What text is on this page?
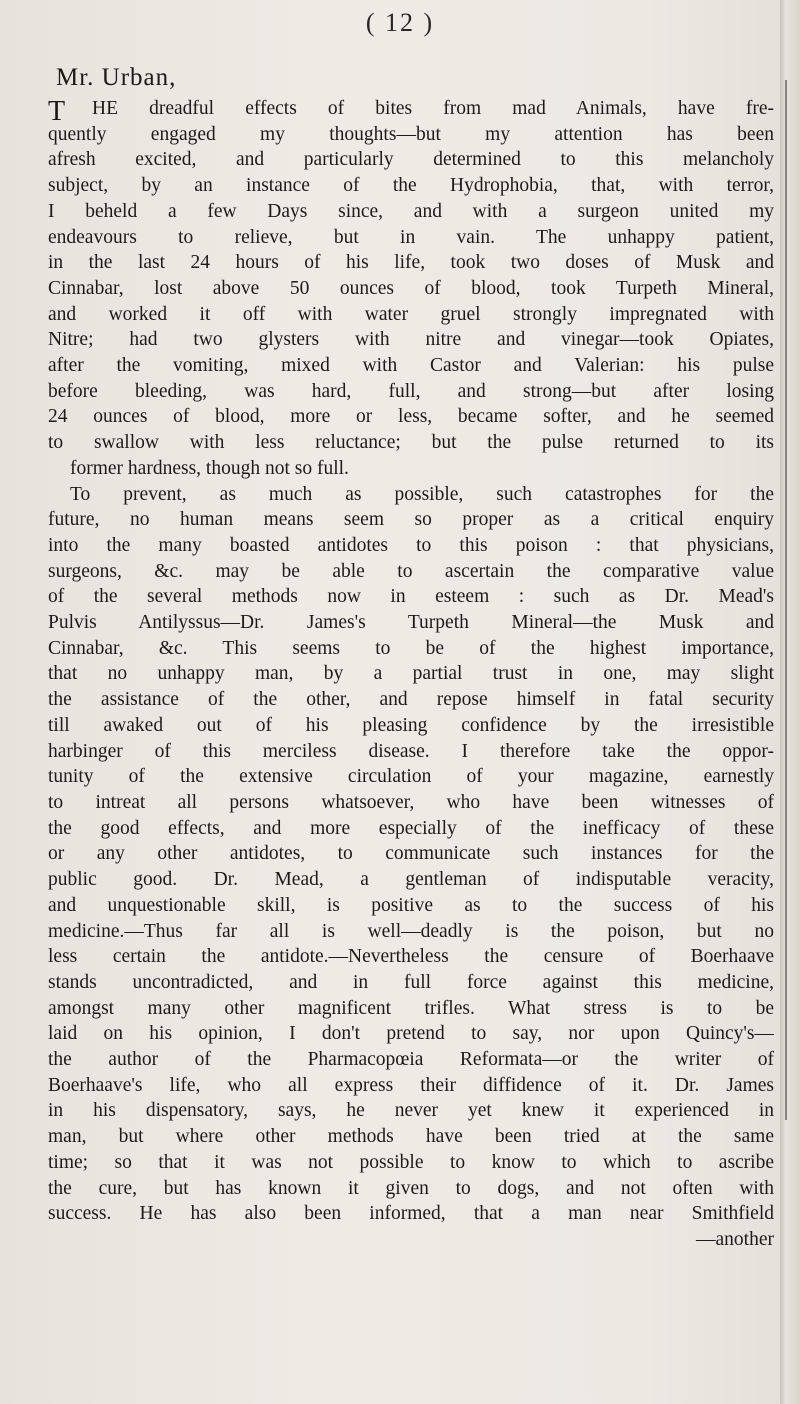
( 12 )
Mr. Urban,
T	HE dreadful effects of bites from mad Animals, have fre-
quently engaged my thoughts—but my attention has been
afresh excited, and particularly determined to this melancholy
subject, by an instance of the Hydrophobia, that, with terror,
I beheld a few Days since, and with a surgeon united my
endeavours to relieve, but in vain. The unhappy patient,
in the last 24 hours of his life, took two doses of Musk and
Cinnabar, lost above 50 ounces of blood, took Turpeth Mineral,
and worked it off with water gruel strongly impregnated with
Nitre; had two glysters with nitre and vinegar—took Opiates,
after the vomiting, mixed with Castor and Valerian: his pulse
before bleeding, was hard, full, and strong—but after losing
24 ounces of blood, more or less, became softer, and he seemed
to swallow with less reluctance; but the pulse returned to its
former hardness, though not so full.
To prevent, as much as possible, such catastrophes for the
future, no human means seem so proper as a critical enquiry
into the many boasted antidotes to this poison : that physicians,
surgeons, &c. may be able to ascertain the comparative value
of the several methods now in esteem : such as Dr. Mead's
Pulvis Antilyssus—Dr. James's Turpeth Mineral—the Musk and
Cinnabar, &c. This seems to be of the highest importance,
that no unhappy man, by a partial trust in one, may slight
the assistance of the other, and repose himself in fatal security
till awaked out of his pleasing confidence by the irresistible
harbinger of this merciless disease. I therefore take the oppor-
tunity of the extensive circulation of your magazine, earnestly
to intreat all persons whatsoever, who have been witnesses of
the good effects, and more especially of the inefficacy of these
or any other antidotes, to communicate such instances for the
public good. Dr. Mead, a gentleman of indisputable veracity,
and unquestionable skill, is positive as to the success of his
medicine.—Thus far all is well—deadly is the poison, but no
less certain the antidote.—Nevertheless the censure of Boerhaave
stands uncontradicted, and in full force against this medicine,
amongst many other magnificent trifles. What stress is to be
laid on his opinion, I don't pretend to say, nor upon Quincy's—
the author of the Pharmacopœia Reformata—or the writer of
Boerhaave's life, who all express their diffidence of it. Dr. James
in his dispensatory, says, he never yet knew it experienced in
man, but where other methods have been tried at the same
time; so that it was not possible to know to which to ascribe
the cure, but has known it given to dogs, and not often with
success. He has also been informed, that a man near Smithfield
—another
